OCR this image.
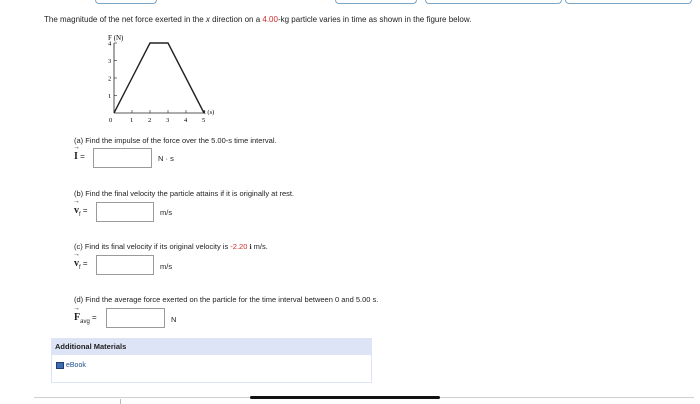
The magnitude of the net force exerted in the x direction on a 4.00-kg particle varies in time as shown in the figure below.
F (N)
t (s)
0	1 2 3 4 5
1
2
3
4
(a) Find the impulse of the force over the 5.00-s time interval.
I
→
=	N · s
(b) Find the final velocity the particle attains if it is originally at rest.
v
→
$_f$ =	m/s
(c) Find its final velocity if its original velocity is -2.20 i m/s.
v
→
$_f$ =	m/s
(d) Find the average force exerted on the particle for the time interval between 0 and 5.00 s.
F
→
$_{avg}$ =	N
Additional Materials
eBook
